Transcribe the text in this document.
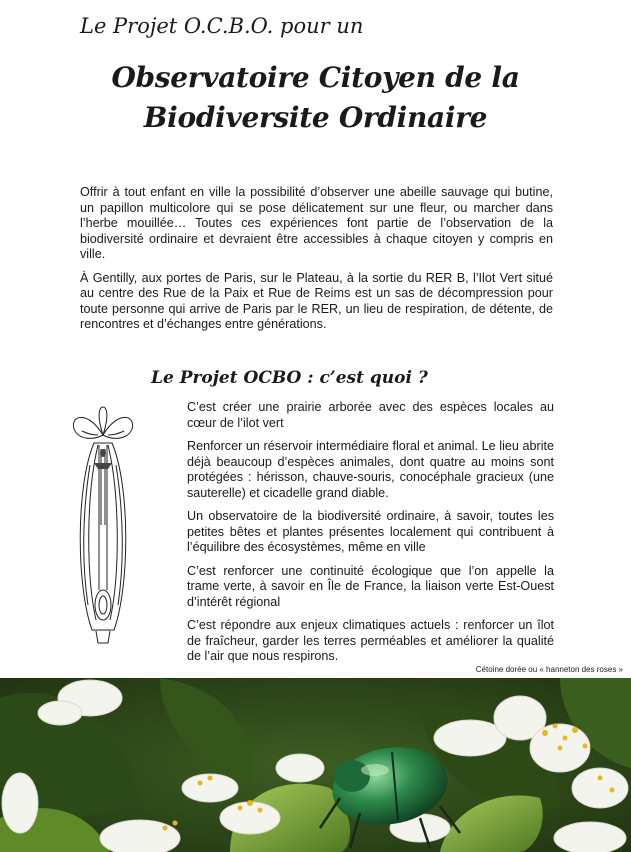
Le Projet O.C.B.O. pour un
Observatoire Citoyen de la
Biodiversite Ordinaire

Offrir à tout enfant en ville la possibilité d’observer une abeille sauvage qui butine, un papillon multicolore qui se pose délicatement sur une fleur, ou marcher dans l’herbe mouillée… Toutes ces expériences font partie de l’observation de la biodiversité ordinaire et devraient être accessibles à chaque citoyen y compris en ville.

À Gentilly, aux portes de Paris, sur le Plateau, à la sortie du RER B, l’Ilot Vert situé au centre des Rue de la Paix et Rue de Reims est un sas de décompression pour toute personne qui arrive de Paris par le RER, un lieu de respiration, de détente, de rencontres et d’échanges entre générations.

Le Projet OCBO : c’est quoi ?

C’est créer une prairie arborée avec des espèces locales au cœur de l’ilot vert

Renforcer un réservoir intermédiaire floral et animal. Le lieu abrite déjà beaucoup d’espèces animales, dont quatre au moins sont protégées : hérisson, chauve-souris, conocéphale gracieux (une sauterelle) et cicadelle grand diable.

Un observatoire de la biodiversité ordinaire, à savoir, toutes les petites bêtes et plantes présentes localement qui contribuent à l’équilibre des écosystèmes, même en ville

C’est renforcer une continuité écologique que l’on appelle la trame verte, à savoir en Île de France, la liaison verte Est-Ouest d’intérêt régional

C’est répondre aux enjeux climatiques actuels : renforcer un îlot de fraîcheur, garder les terres perméables et améliorer la qualité de l’air que nous respirons.

Cétoine dorée ou « hanneton des roses »
